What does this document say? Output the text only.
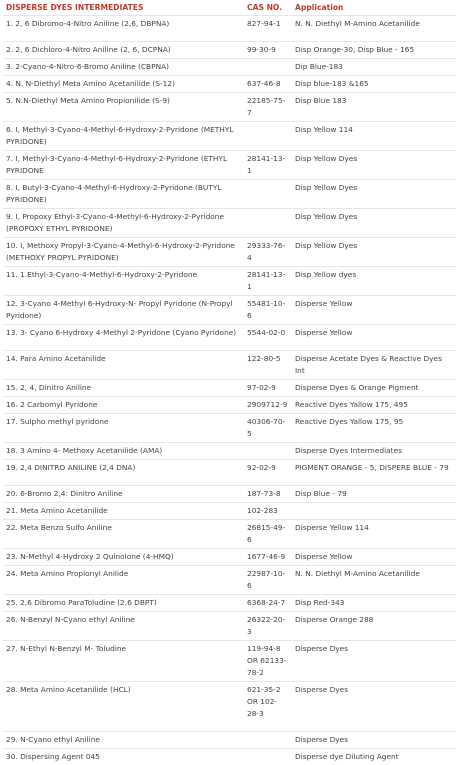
DISPERSE DYES INTERMEDIATES	CAS NO.	Application
1. 2, 6 Dibromo-4-Nitro Aniline (2,6, DBPNA)	827-94-1	N. N. Diethyl M-Amino Acetanilide
2. 2, 6 Dichloro-4-Nitro Aniline (2, 6, DCPNA)	99-30-9	Disp Orange-30, Disp Blue - 165
3. 2-Cyano-4-Nitro-6-Bromo Aniline (CBPNA)		Dip Blue-183
4. N. N-Diethyl Meta Amino Acetanilide (S-12)	637-46-8	Disp blue-183 &165
5. N.N-Diethyl Meta Amino Propionilide (S-9)	22185-75-7	Disp Blue 183
6. I, Methyl-3-Cyano-4-Methyl-6-Hydroxy-2-Pyridone (METHYL PYRIDONE)		Disp Yellow 114
7. I, Methyl-3-Cyano-4-Methyl-6-Hydroxy-2-Pyridone (ETHYL PYRIDONE	28141-13-1	Disp Yellow Dyes
8. I, Butyl-3-Cyano-4-Methyl-6-Hydroxy-2-Pyridone (BUTYL PYRIDONE)		Disp Yellow Dyes
9. I, Propoxy Ethyl-3-Cyano-4-Methyl-6-Hydroxy-2-Pyridone (PROPOXY ETHYL PYRIDONE)		Disp Yellow Dyes
10. I, Methoxy Propyl-3-Cyano-4-Methyl-6-Hydroxy-2-Pyridone (METHOXY PROPYL PYRIDONE)	29333-76-4	Disp Yellow Dyes
11. 1.Ethyl-3-Cyano-4-Methyl-6-Hydroxy-2-Pyridone	28141-13-1	Disp Yellow dyes
12. 3-Cyano 4-Methyl 6-Hydroxy-N- Propyl Pyridone (N-Propyl Pyridone)	55481-10-6	Disperse Yellow
13. 3- Cyano 6-Hydroxy 4-Methyl 2-Pyridone (Cyano Pyridone)	5544-02-0	Disperse Yellow
14. Para Amino Acetanilide	122-80-5	Disperse Acetate Dyes & Reactive Dyes Int
15. 2, 4, Dinitro Aniline	97-02-9	Disperse Dyes & Orange Pigment
16. 2 Carbomyl Pyridone	2909712-9	Reactive Dyes Yallow 175, 495
17. Sulpho methyl pyridone	40306-70-5	Reactive Dyes Yallow 175, 95
18. 3 Amino 4- Methoxy Acetanilide (AMA)		Disperse Dyes Intermediates
19. 2,4 DINITRO ANILINE (2,4 DNA)	92-02-9	PIGMENT ORANGE - 5, DISPERE BLUE - 79
20. 6-Bromo 2,4: Dinitro Aniline	187-73-8	Disp Blue - 79
21. Meta Amino Acetanilide	102-283	
22. Meta Benzo Sulfo Aniline	26815-49-6	Disperse Yellow 114
23. N-Methyl 4-Hydroxy 2 Quinolone (4-HMQ)	1677-46-9	Disperse Yellow
24. Meta Amino Propionyl Anilide	22987-10-6	N. N. Diethyl M-Amino Acetanilide
25. 2,6 Dibromo ParaToludine (2,6 DBPT)	6368-24-7	Disp Red-343
26. N-Benzyl N-Cyano ethyl Aniline	26322-20-3	Disperse Orange 288
27. N-Ethyl N-Benzyl M- Toludine	119-94-8 OR 62133-78-2	Disperse Dyes
28. Meta Amino Acetanilide (HCL)	621-35-2 OR 102-28-3	Disperse Dyes
29. N-Cyano ethyl Aniline		Disperse Dyes
30. Dispersing Agent 045		Disperse dye Diluting Agent
